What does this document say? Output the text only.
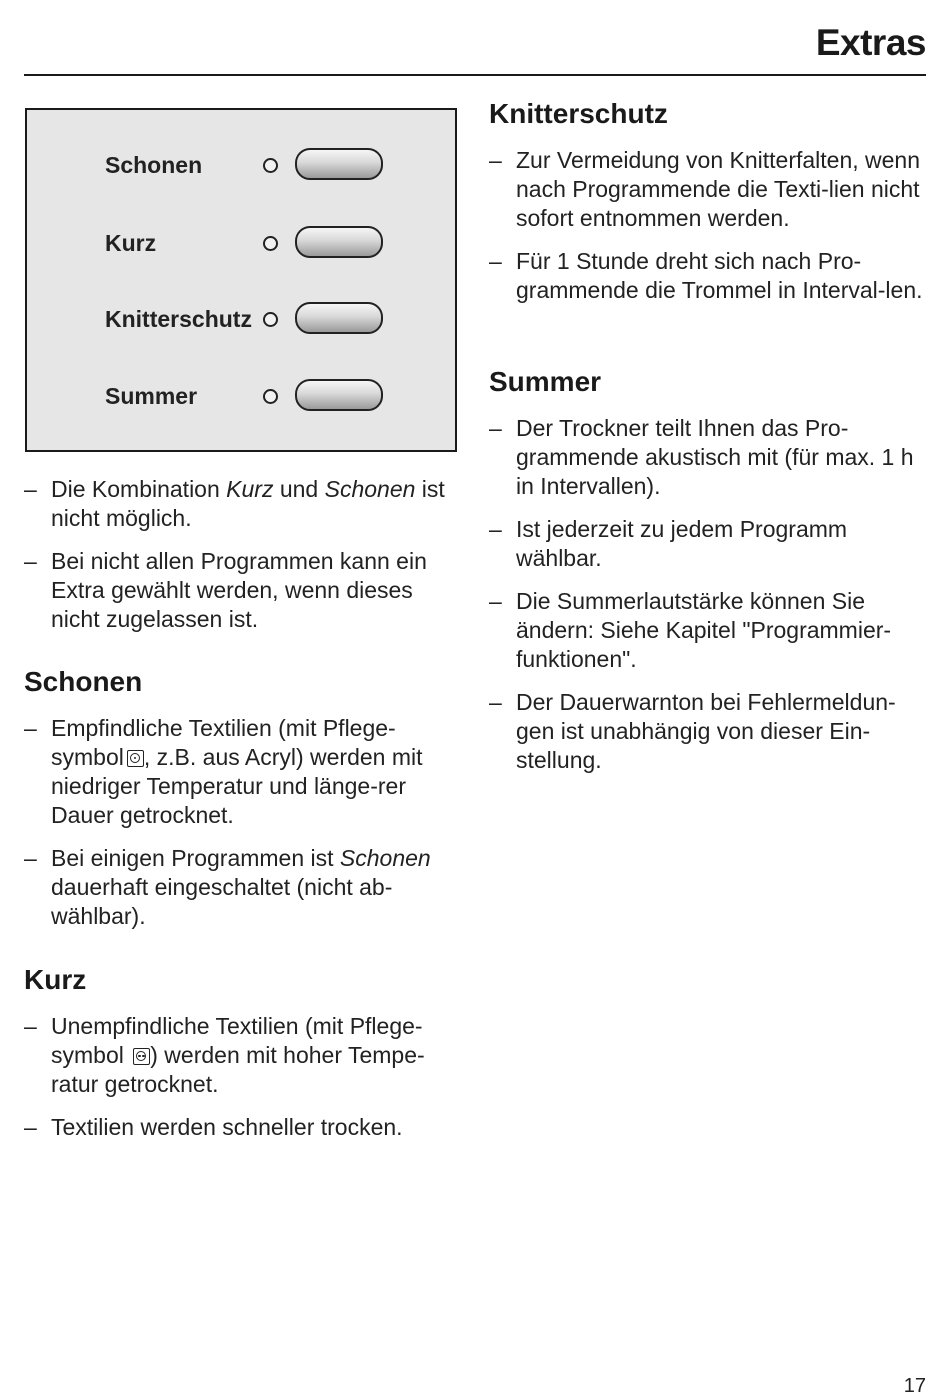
Extras
Schonen
Kurz
Knitterschutz
Summer
– Die Kombination Kurz und Schonen ist nicht möglich.
– Bei nicht allen Programmen kann ein Extra gewählt werden, wenn dieses nicht zugelassen ist.
Schonen
– Empfindliche Textilien (mit Pflege-symbol , z.B. aus Acryl) werden mit niedriger Temperatur und länge-rer Dauer getrocknet.
– Bei einigen Programmen ist Schonen dauerhaft eingeschaltet (nicht ab-wählbar).
Kurz
– Unempfindliche Textilien (mit Pflege-symbol
) werden mit hoher Tempe-ratur getrocknet.
– Textilien werden schneller trocken.
Knitterschutz
– Zur Vermeidung von Knitterfalten, wenn nach Programmende die Texti-lien nicht sofort entnommen werden.
– Für 1 Stunde dreht sich nach Pro-grammende die Trommel in Interval-len.
Summer
– Der Trockner teilt Ihnen das Pro-grammende akustisch mit (für max. 1 h in Intervallen).
– Ist jederzeit zu jedem Programm wählbar.
– Die Summerlautstärke können Sie ändern: Siehe Kapitel "Programmier-funktionen".
– Der Dauerwarnton bei Fehlermeldun-gen ist unabhängig von dieser Ein-stellung.
17
